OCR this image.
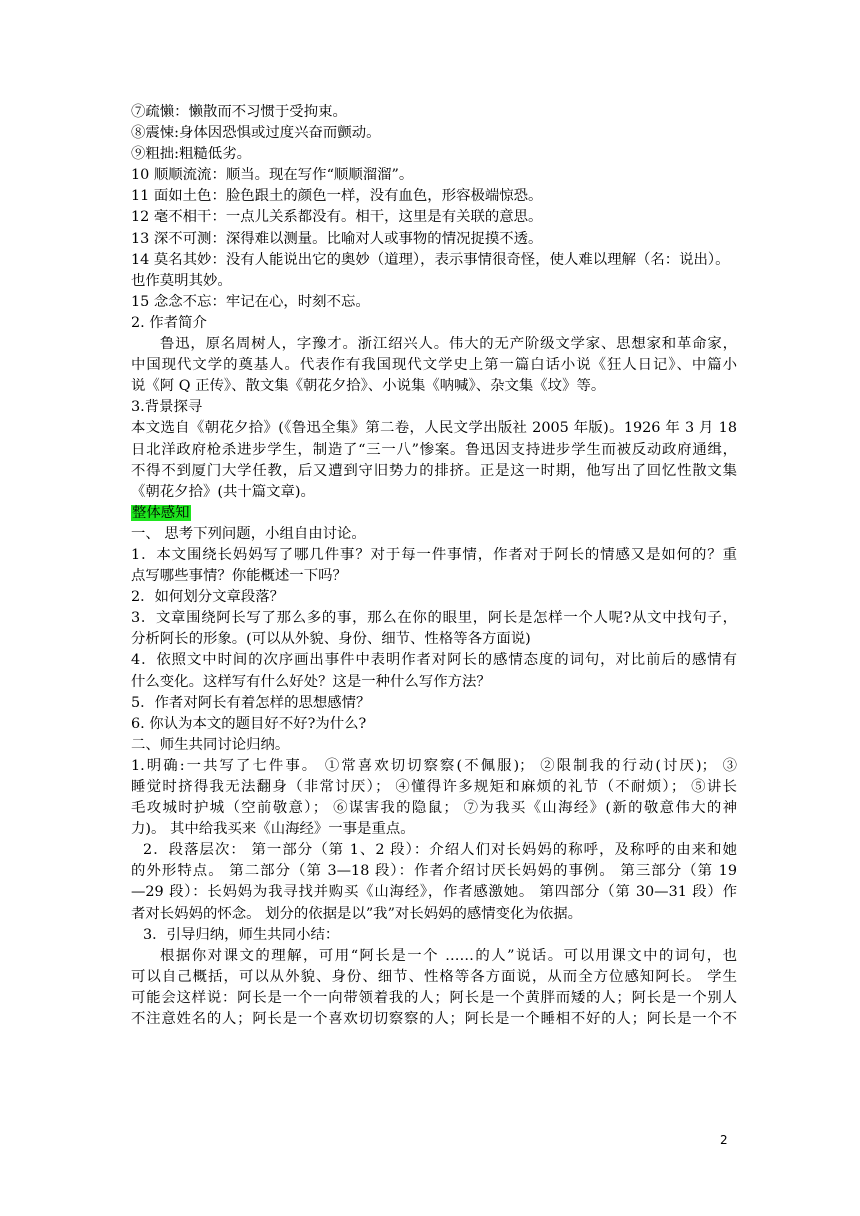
⑦疏懒：懒散而不习惯于受拘束。
⑧震悚:身体因恐惧或过度兴奋而颤动。
⑨粗拙:粗糙低劣。
10 顺顺流流：顺当。现在写作“顺顺溜溜”。
11 面如土色：脸色跟土的颜色一样，没有血色，形容极端惊恐。
12 毫不相干：一点儿关系都没有。相干，这里是有关联的意思。
13 深不可测：深得难以测量。比喻对人或事物的情况捉摸不透。
14 莫名其妙：没有人能说出它的奥妙（道理），表示事情很奇怪，使人难以理解（名：说出）。
也作莫明其妙。
15 念念不忘：牢记在心，时刻不忘。
2. 作者简介
鲁迅，原名周树人，字豫才。浙江绍兴人。伟大的无产阶级文学家、思想家和革命家，
中国现代文学的奠基人。代表作有我国现代文学史上第一篇白话小说《狂人日记》、中篇小
说《阿 Q 正传》、散文集《朝花夕拾》、小说集《呐喊》、杂文集《坟》等。
3.背景探寻
本文选自《朝花夕拾》(《鲁迅全集》第二卷，人民文学出版社 2005 年版)。1926 年 3 月 18
日北洋政府枪杀进步学生，制造了“三一八”惨案。鲁迅因支持进步学生而被反动政府通缉，
不得不到厦门大学任教，后又遭到守旧势力的排挤。正是这一时期，他写出了回忆性散文集
《朝花夕拾》(共十篇文章)。
整体感知
一、 思考下列问题，小组自由讨论。
1．本文围绕长妈妈写了哪几件事？对于每一件事情，作者对于阿长的情感又是如何的？重
点写哪些事情？你能概述一下吗？
2．如何划分文章段落？
3．文章围绕阿长写了那么多的事，那么在你的眼里，阿长是怎样一个人呢?从文中找句子，
分析阿长的形象。(可以从外貌、身份、细节、性格等各方面说)
4．依照文中时间的次序画出事件中表明作者对阿长的感情态度的词句，对比前后的感情有
什么变化。这样写有什么好处？这是一种什么写作方法？
5．作者对阿长有着怎样的思想感情？
6. 你认为本文的题目好不好?为什么?
二、师生共同讨论归纳。
1.明确:一共写了七件事。 ①常喜欢切切察察(不佩服)； ②限制我的行动(讨厌)； ③
睡觉时挤得我无法翻身（非常讨厌）； ④懂得许多规矩和麻烦的礼节（不耐烦）； ⑤讲长
毛攻城时护城（空前敬意）； ⑥谋害我的隐鼠； ⑦为我买《山海经》(新的敬意伟大的神
力)。 其中给我买来《山海经》一事是重点。
2．段落层次： 第一部分（第 1、2 段）：介绍人们对长妈妈的称呼，及称呼的由来和她
的外形特点。 第二部分（第 3—18 段）：作者介绍讨厌长妈妈的事例。 第三部分（第 19
—29 段）：长妈妈为我寻找并购买《山海经》，作者感激她。 第四部分（第 30—31 段）作
者对长妈妈的怀念。 划分的依据是以”我”对长妈妈的感情变化为依据。
3．引导归纳，师生共同小结：
根据你对课文的理解，可用“阿长是一个 ……的人”说话。可以用课文中的词句，也
可以自己概括，可以从外貌、身份、细节、性格等各方面说，从而全方位感知阿长。 学生
可能会这样说：阿长是一个一向带领着我的人；阿长是一个黄胖而矮的人；阿长是一个别人
不注意姓名的人；阿长是一个喜欢切切察察的人；阿长是一个睡相不好的人；阿长是一个不
2
